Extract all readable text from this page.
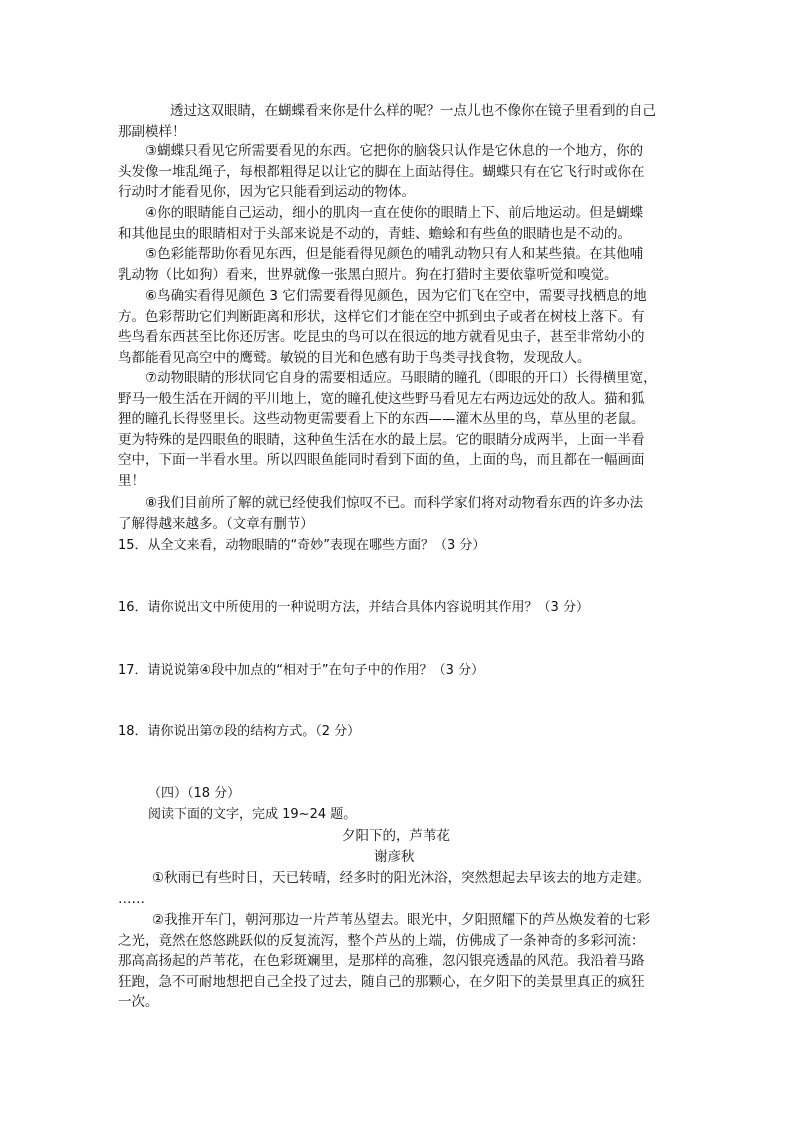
透过这双眼睛，在蝴蝶看来你是什么样的呢？一点儿也不像你在镜子里看到的自己
那副模样！
③蝴蝶只看见它所需要看见的东西。它把你的脑袋只认作是它休息的一个地方，你的
头发像一堆乱绳子，每根都粗得足以让它的脚在上面站得住。蝴蝶只有在它飞行时或你在
行动时才能看见你，因为它只能看到运动的物体。
④你的眼睛能自己运动，细小的肌肉一直在使你的眼睛上下、前后地运动。但是蝴蝶
和其他昆虫的眼睛相对于头部来说是不动的，青蛙、蟾蜍和有些鱼的眼睛也是不动的。
⑤色彩能帮助你看见东西，但是能看得见颜色的哺乳动物只有人和某些猿。在其他哺
乳动物（比如狗）看来，世界就像一张黑白照片。狗在打猎时主要依靠听觉和嗅觉。
⑥鸟确实看得见颜色 3 它们需要看得见颜色，因为它们飞在空中，需要寻找栖息的地
方。色彩帮助它们判断距离和形状，这样它们才能在空中抓到虫子或者在树枝上落下。有
些鸟看东西甚至比你还厉害。吃昆虫的鸟可以在很远的地方就看见虫子，甚至非常幼小的
鸟都能看见高空中的鹰鹫。敏锐的目光和色感有助于鸟类寻找食物，发现敌人。
⑦动物眼睛的形状同它自身的需要相适应。马眼睛的瞳孔（即眼的开口）长得横里宽，
野马一般生活在开阔的平川地上，宽的瞳孔使这些野马看见左右两边远处的敌人。猫和狐
狸的瞳孔长得竖里长。这些动物更需要看上下的东西——灌木丛里的鸟，草丛里的老鼠。
更为特殊的是四眼鱼的眼睛，这种鱼生活在水的最上层。它的眼睛分成两半，上面一半看
空中，下面一半看水里。所以四眼鱼能同时看到下面的鱼，上面的鸟，而且都在一幅画面
里！
⑧我们目前所了解的就已经使我们惊叹不已。而科学家们将对动物看东西的许多办法
了解得越来越多。（文章有删节）
15．从全文来看，动物眼睛的“奇妙”表现在哪些方面？（3 分）
16．请你说出文中所使用的一种说明方法，并结合具体内容说明其作用？（3 分）
17．请说说第④段中加点的“相对于”在句子中的作用？（3 分）
18．请你说出第⑦段的结构方式。（2 分）
（四）（18 分）
阅读下面的文字，完成 19~24 题。
夕阳下的，芦苇花
谢彦秋
①秋雨已有些时日，天已转晴，经多时的阳光沐浴，突然想起去早该去的地方走建。
……
②我推开车门，朝河那边一片芦苇丛望去。眼光中，夕阳照耀下的芦丛焕发着的七彩
之光，竟然在悠悠跳跃似的反复流泻，整个芦丛的上端，仿佛成了一条神奇的多彩河流：
那高高扬起的芦苇花，在色彩斑斓里，是那样的高雅，忽闪银亮透晶的风范。我沿着马路
狂跑，急不可耐地想把自己全投了过去，随自己的那颗心，在夕阳下的美景里真正的疯狂
一次。
